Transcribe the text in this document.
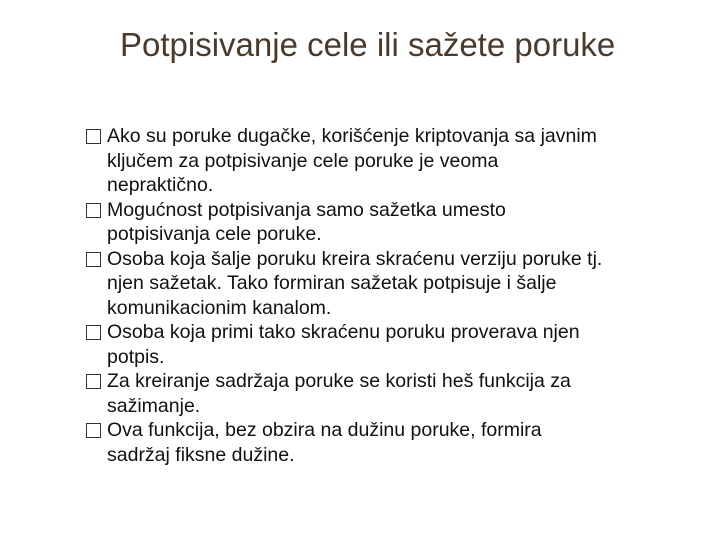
Potpisivanje cele ili sažete poruke
Ako su poruke dugačke, korišćenje kriptovanja sa javnim
ključem za potpisivanje cele poruke je veoma
nepraktično.
Mogućnost potpisivanja samo sažetka umesto
potpisivanja cele poruke.
Osoba koja šalje poruku kreira skraćenu verziju poruke tj.
njen sažetak. Tako formiran sažetak potpisuje i šalje
komunikacionim kanalom.
Osoba koja primi tako skraćenu poruku proverava njen
potpis.
Za kreiranje sadržaja poruke se koristi heš funkcija za
sažimanje.
Ova funkcija, bez obzira na dužinu poruke, formira
sadržaj fiksne dužine.
